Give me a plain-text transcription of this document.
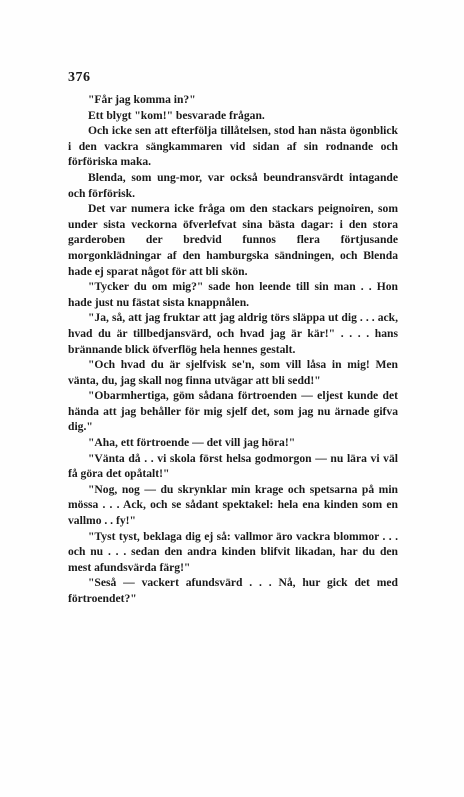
376

"Får jag komma in?"

Ett blygt "kom!" besvarade frågan.

Och icke sen att efterfölja tillåtelsen, stod han nästa ögonblick i den vackra sängkammaren vid sidan af sin rodnande och förföriska maka.

Blenda, som ung-mor, var också beundransvärdt intagande och förförisk.

Det var numera icke fråga om den stackars peignoiren, som under sista veckorna öfverlefvat sina bästa dagar: i den stora garderoben der bredvid funnos flera förtjusande morgonklädningar af den hamburgska sändningen, och Blenda hade ej sparat något för att bli skön.

"Tycker du om mig?" sade hon leende till sin man . . Hon hade just nu fästat sista knappnålen.

"Ja, så, att jag fruktar att jag aldrig törs släppa ut dig . . . ack, hvad du är tillbedjansvärd, och hvad jag är kär!" . . . . hans brännande blick öfverflög hela hennes gestalt.

"Och hvad du är sjelfvisk se'n, som vill låsa in mig! Men vänta, du, jag skall nog finna utvägar att bli sedd!"

"Obarmhertiga, göm sådana förtroenden — eljest kunde det hända att jag behåller för mig sjelf det, som jag nu ärnade gifva dig."

"Aha, ett förtroende — det vill jag höra!"

"Vänta då . . vi skola först helsa godmorgon — nu lära vi väl få göra det opåtalt!"

"Nog, nog — du skrynklar min krage och spetsarna på min mössa . . . Ack, och se sådant spektakel: hela ena kinden som en vallmo . . fy!"

"Tyst tyst, beklaga dig ej så: vallmor äro vackra blommor . . . och nu . . . sedan den andra kinden blifvit likadan, har du den mest afundsvärda färg!"

"Seså — vackert afundsvärd . . . Nå, hur gick det med förtroendet?"
